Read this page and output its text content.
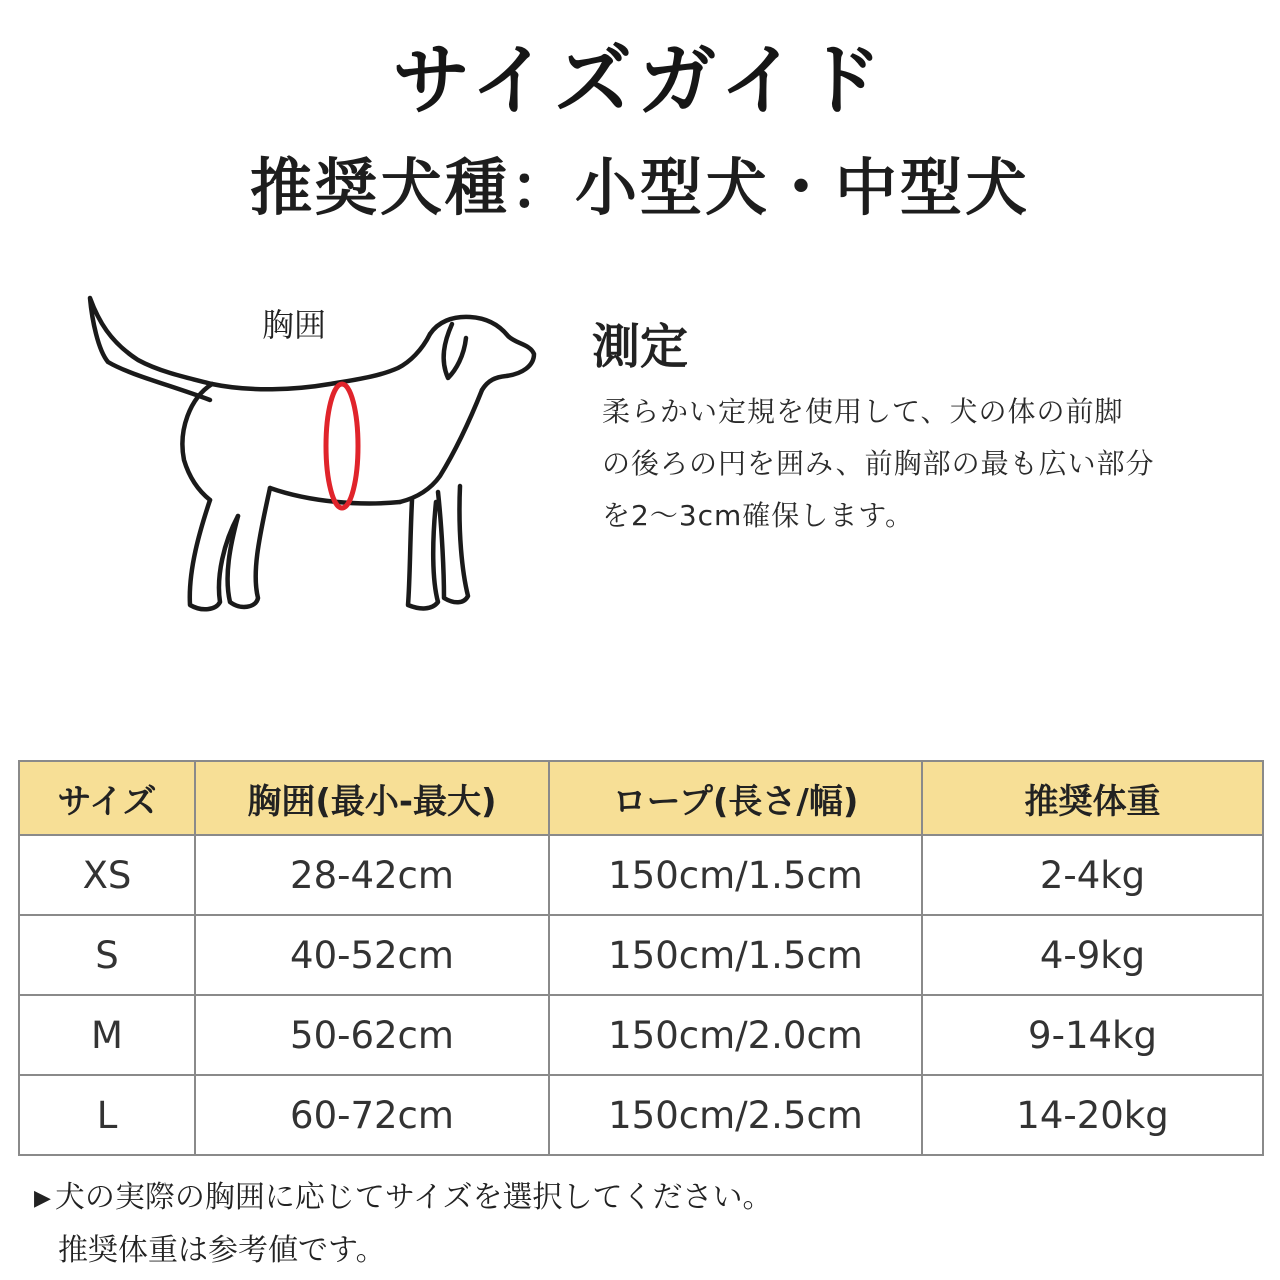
サイズガイド
推奨犬種：小型犬・中型犬
胸囲	測定
柔らかい定規を使用して、犬の体の前脚
の後ろの円を囲み、前胸部の最も広い部分
を2〜3cm確保します。
サイズ	胸囲(最小-最大)	ロープ(長さ/幅)	推奨体重
XS	28-42cm	150cm/1.5cm	2-4kg
S	40-52cm	150cm/1.5cm	4-9kg
M	50-62cm	150cm/2.0cm	9-14kg
L	60-72cm	150cm/2.5cm	14-20kg
▶ 犬の実際の胸囲に応じてサイズを選択してください。
推奨体重は参考値です。
